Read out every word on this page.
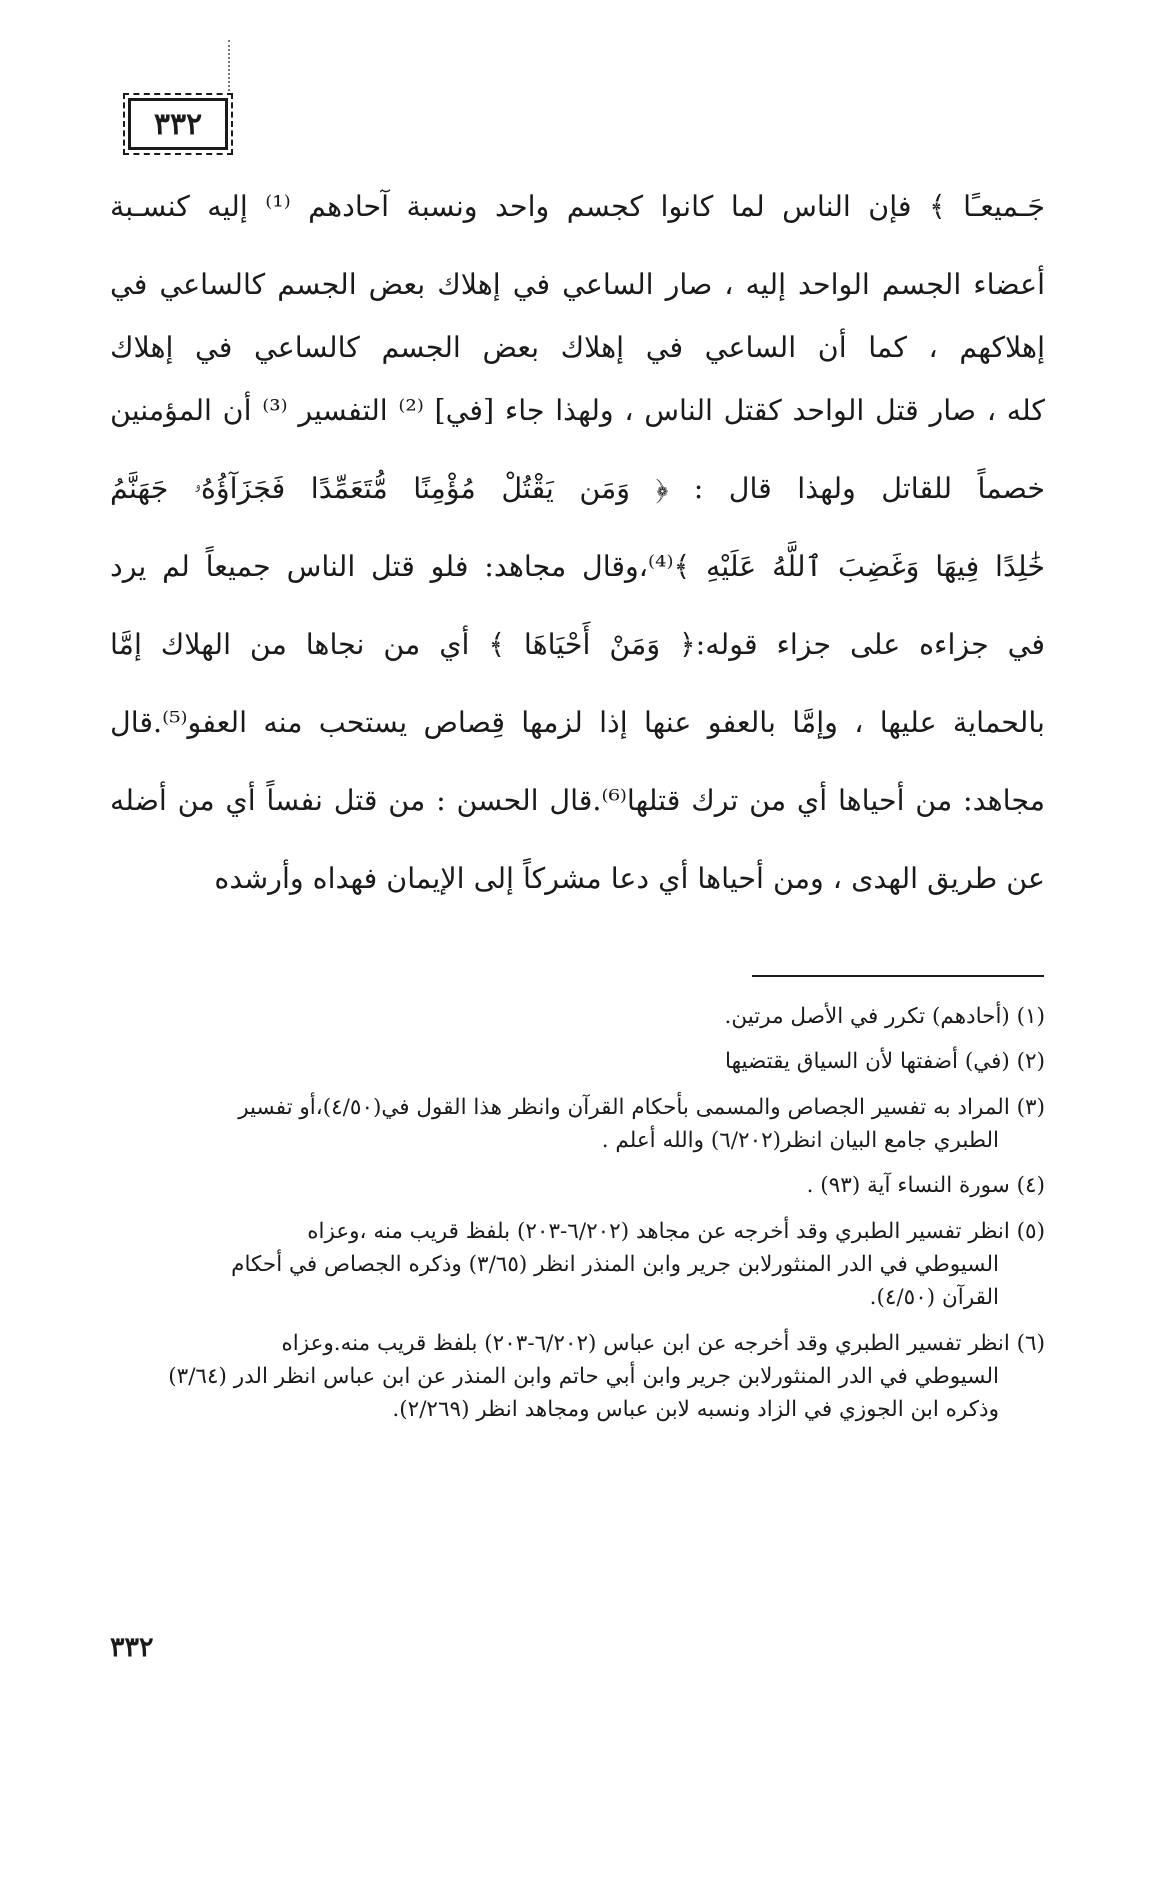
٣٣٢
جَـميعـًا ﴾ فإن الناس لما كانوا كجسم واحد ونسبة آحادهم ⁽¹⁾ إليه كنسـبة
أعضاء الجسم الواحد إليه ، صار الساعي في إهلاك بعض الجسم كالساعي في
إهلاكهم ، كما أن الساعي في إهلاك بعض الجسم كالساعي في إهلاك
كله ، صار قتل الواحد كقتل الناس ، ولهذا جاء [في] ⁽²⁾ التفسير ⁽³⁾ أن المؤمنين
خصماً للقاتل ولهذا قال : ﴿ وَمَن يَقْتُلْ مُؤْمِنًا مُّتَعَمِّدًا فَجَزَآؤُهُۥ جَهَنَّمُ
خَٰلِدًا فِيهَا وَغَضِبَ ٱللَّهُ عَلَيْهِ ﴾⁽⁴⁾،وقال مجاهد: فلو قتل الناس جميعاً لم يرد
في جزاءه على جزاء قوله:﴿ وَمَنْ أَحْيَاهَا ﴾ أي من نجاها من الهلاك إمَّا
بالحماية عليها ، وإمَّا بالعفو عنها إذا لزمها قِصاص يستحب منه العفو⁽⁵⁾.قال
مجاهد: من أحياها أي من ترك قتلها⁽⁶⁾.قال الحسن : من قتل نفساً أي من أضله
عن طريق الهدى ، ومن أحياها أي دعا مشركاً إلى الإيمان فهداه وأرشده
(١) (أحادهم) تكرر في الأصل مرتين.
(٢) (في) أضفتها لأن السياق يقتضيها
(٣) المراد به تفسير الجصاص والمسمى بأحكام القرآن وانظر هذا القول في(٤/٥٠)،أو تفسير
الطبري جامع البيان انظر(٦/٢٠٢) والله أعلم .
(٤) سورة النساء آية (٩٣) .
(٥) انظر تفسير الطبري وقد أخرجه عن مجاهد (٦/٢٠٢-٢٠٣) بلفظ قريب منه ،وعزاه
السيوطي في الدر المنثورلابن جرير وابن المنذر انظر (٣/٦٥) وذكره الجصاص في أحكام
القرآن (٤/٥٠).
(٦) انظر تفسير الطبري وقد أخرجه عن ابن عباس (٦/٢٠٢-٢٠٣) بلفظ قريب منه.وعزاه
السيوطي في الدر المنثورلابن جرير وابن أبي حاتم وابن المنذر عن ابن عباس انظر الدر (٣/٦٤)
وذكره ابن الجوزي في الزاد ونسبه لابن عباس ومجاهد انظر (٢/٢٦٩).
٣٣٢
